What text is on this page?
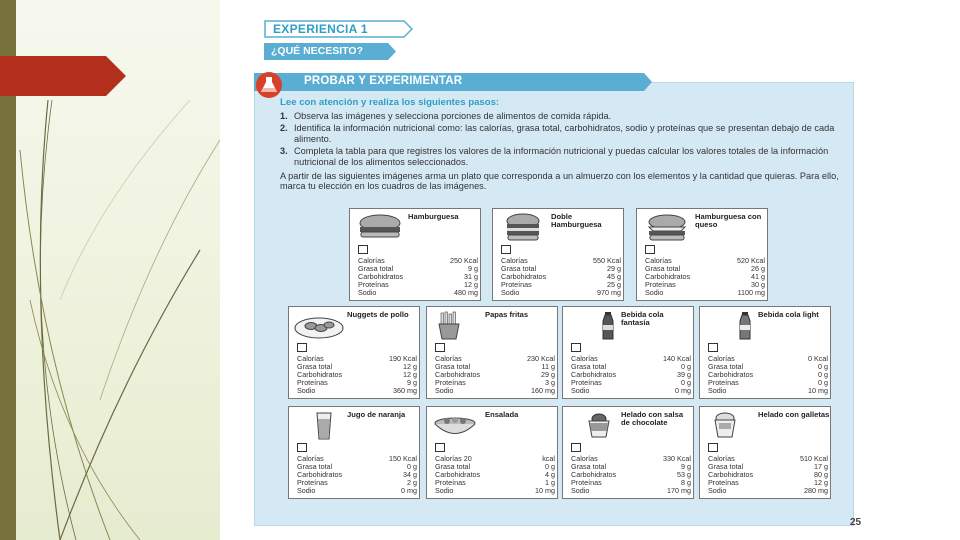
EXPERIENCIA 1
¿QUÉ NECESITO?
PROBAR Y EXPERIMENTAR
Lee con atención y realiza los siguientes pasos:
1. Observa las imágenes y selecciona porciones de alimentos de comida rápida.
2. Identifica la información nutricional como: las calorías, grasa total, carbohidratos, sodio y proteínas que se presentan debajo de cada alimento.
3. Completa la tabla para que registres los valores de la información nutricional y puedas calcular los valores totales de la información nutricional de los alimentos seleccionados.
A partir de las siguientes imágenes arma un plato que corresponda a un almuerzo con los elementos y la cantidad que quieras. Para ello, marca tu elección en los cuadros de las imágenes.
Hamburguesa
Calorías	250 Kcal
Grasa total	9 g
Carbohidratos	31 g
Proteínas	12 g
Sodio	480 mg
Doble Hamburguesa
Calorías	550 Kcal
Grasa total	29 g
Carbohidratos	45 g
Proteínas	25 g
Sodio	970 mg
Hamburguesa con queso
Calorías	520 Kcal
Grasa total	26 g
Carbohidratos	41 g
Proteínas	30 g
Sodio	1100 mg
Nuggets de pollo
Calorías	190 Kcal
Grasa total	12 g
Carbohidratos	12 g
Proteínas	9 g
Sodio	360 mg
Papas fritas
Calorías	230 Kcal
Grasa total	11 g
Carbohidratos	29 g
Proteínas	3 g
Sodio	160 mg
Bebida cola fantasía
Calorías	140 Kcal
Grasa total	0 g
Carbohidratos	39 g
Proteínas	0 g
Sodio	0 mg
Bebida cola light
Calorías	0 Kcal
Grasa total	0 g
Carbohidratos	0 g
Proteínas	0 g
Sodio	10 mg
Jugo de naranja
Calorías	150 Kcal
Grasa total	0 g
Carbohidratos	34 g
Proteínas	2 g
Sodio	0 mg
Ensalada
Calorías 20	kcal
Grasa total	0 g
Carbohidratos	4 g
Proteínas	1 g
Sodio	10 mg
Helado con salsa de chocolate
Calorías	330 Kcal
Grasa total	9 g
Carbohidratos	53 g
Proteínas	8 g
Sodio	170 mg
Helado con galletas
Calorías	510 Kcal
Grasa total	17 g
Carbohidratos	80 g
Proteínas	12 g
Sodio	280 mg
25
